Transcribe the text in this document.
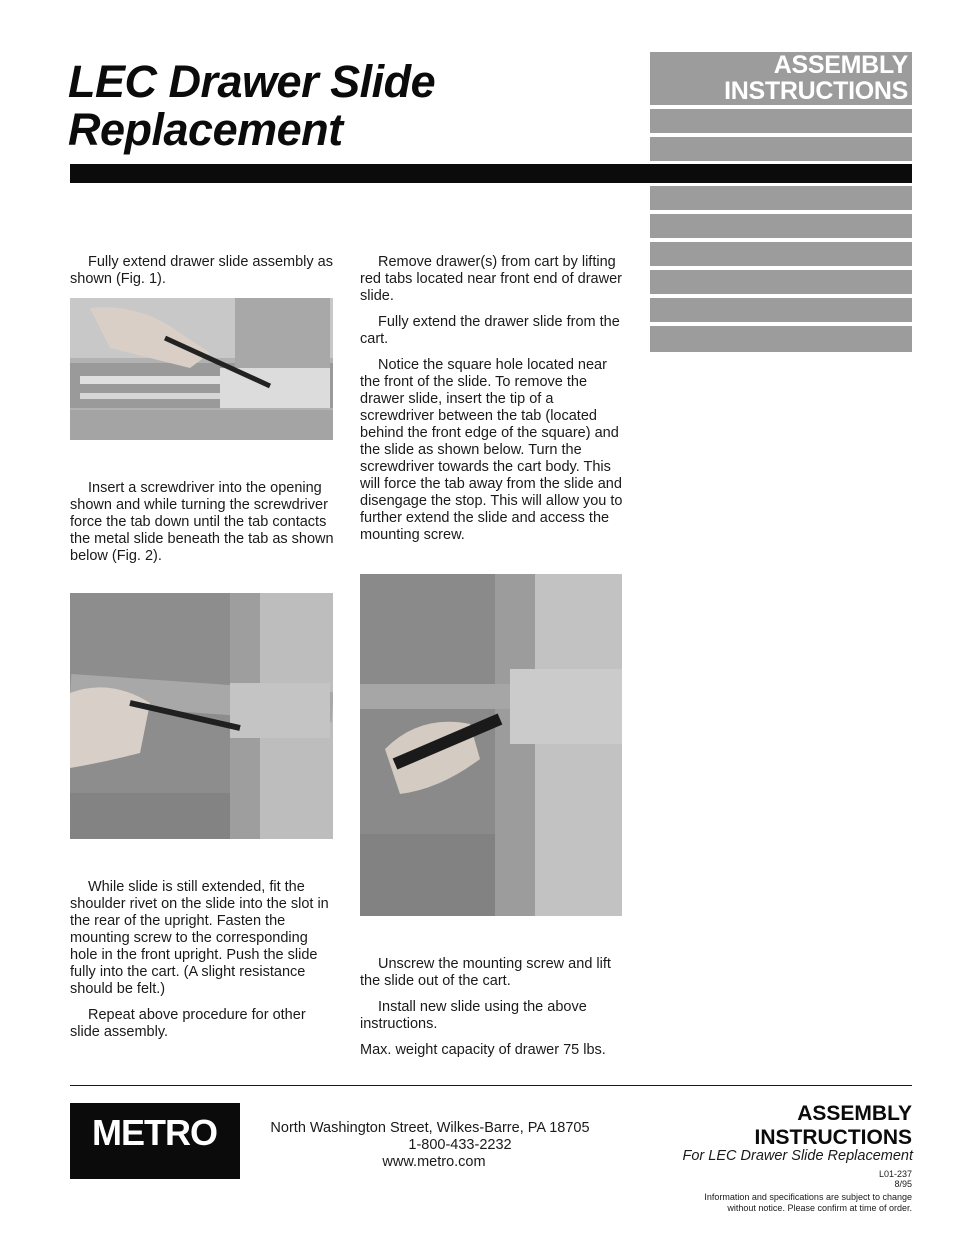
LEC Drawer Slide
Replacement
ASSEMBLY
INSTRUCTIONS

Fully extend drawer slide assembly as shown (Fig. 1).

Insert a screwdriver into the opening shown and while turning the screwdriver force the tab down until the tab contacts the metal slide beneath the tab as shown below (Fig. 2).

While slide is still extended, fit the shoulder rivet on the slide into the slot in the rear of the upright. Fasten the mounting screw to the corresponding hole in the front upright. Push the slide fully into the cart. (A slight resistance should be felt.)

Repeat above procedure for other slide assembly.

Remove drawer(s) from cart by lifting red tabs located near front end of drawer slide.

Fully extend the drawer slide from the cart.

Notice the square hole located near the front of the slide. To remove the drawer slide, insert the tip of a screwdriver between the tab (located behind the front edge of the square) and the slide as shown below. Turn the screwdriver towards the cart body. This will force the tab away from the slide and disengage the stop. This will allow you to further extend the slide and access the mounting screw.

Unscrew the mounting screw and lift the slide out of the cart.

Install new slide using the above instructions.

Max. weight capacity of drawer 75 lbs.

METRO	North Washington Street, Wilkes-Barre, PA 18705
1-800-433-2232
www.metro.com
ASSEMBLY
INSTRUCTIONS
For LEC Drawer Slide Replacement
L01-237
8/95
Information and specifications are subject to change
without notice. Please confirm at time of order.
